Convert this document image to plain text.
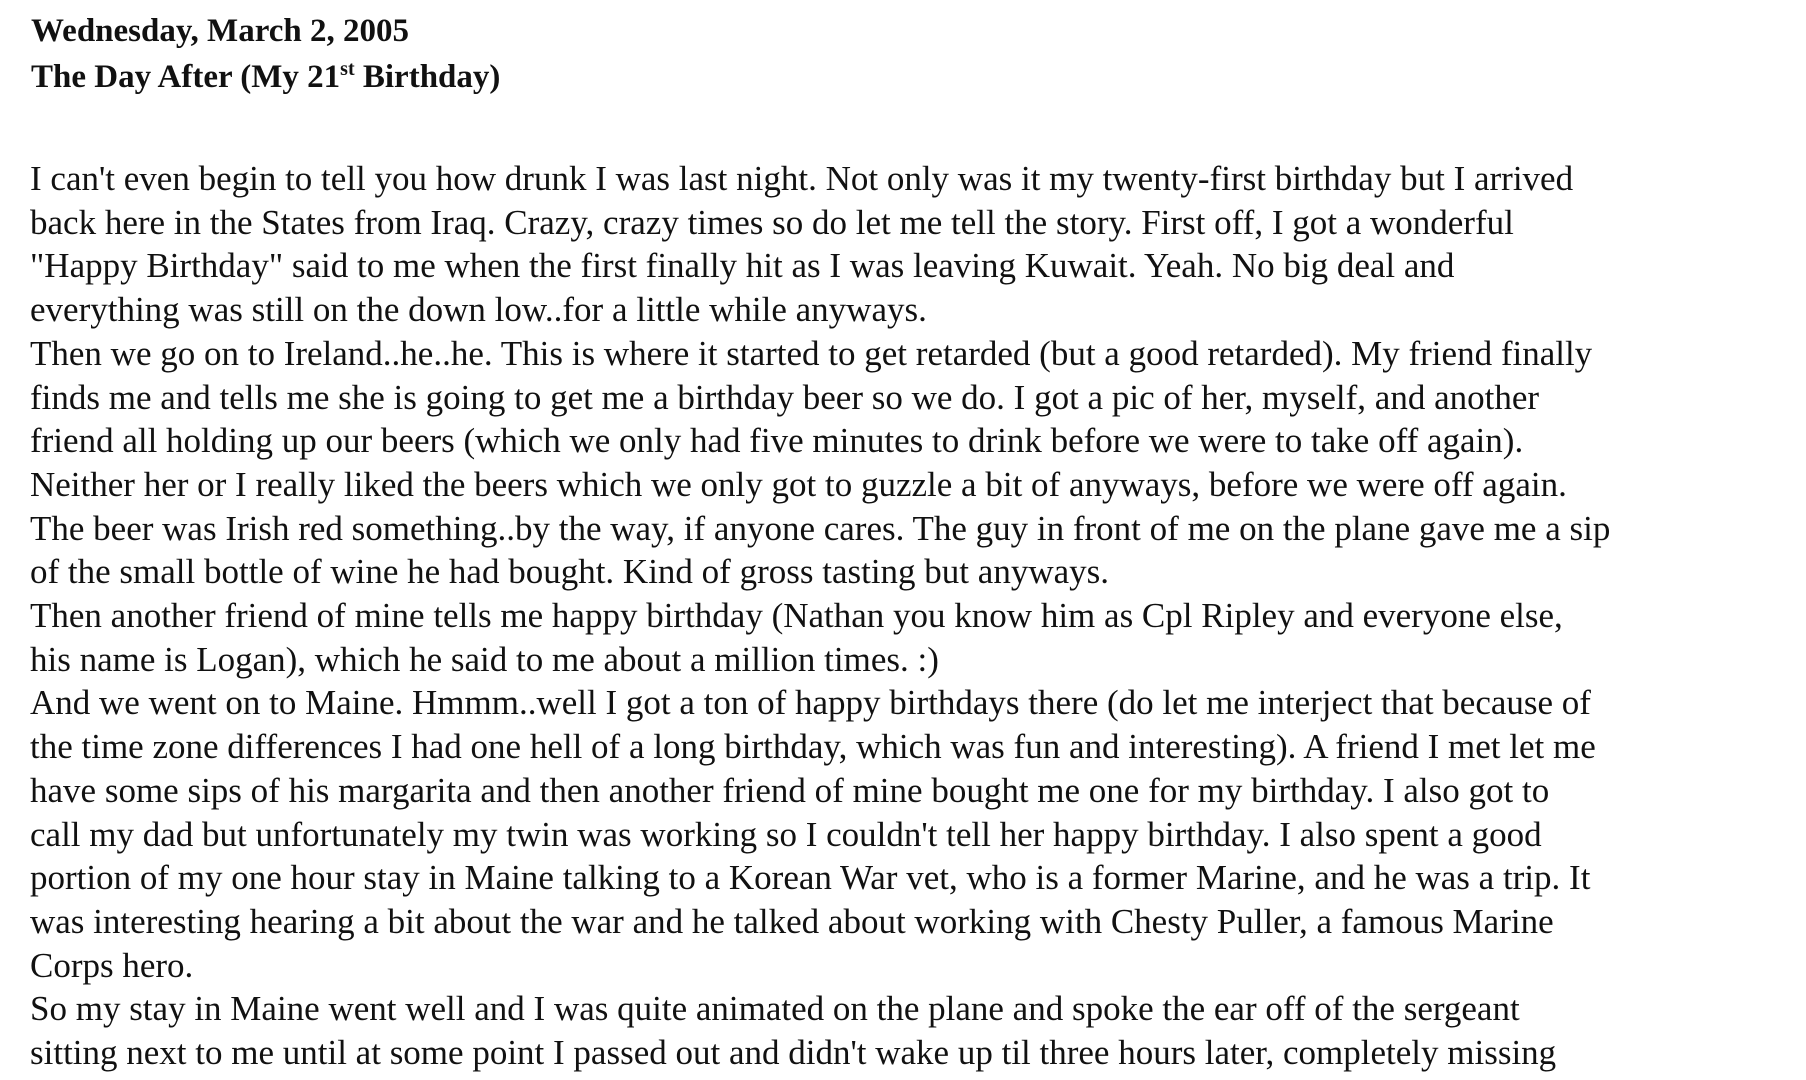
Wednesday, March 2, 2005
The Day After (My 21st Birthday)
I can't even begin to tell you how drunk I was last night. Not only was it my twenty-first birthday but I arrived
back here in the States from Iraq. Crazy, crazy times so do let me tell the story. First off, I got a wonderful
"Happy Birthday" said to me when the first finally hit as I was leaving Kuwait. Yeah. No big deal and
everything was still on the down low..for a little while anyways.
Then we go on to Ireland..he..he. This is where it started to get retarded (but a good retarded). My friend finally
finds me and tells me she is going to get me a birthday beer so we do. I got a pic of her, myself, and another
friend all holding up our beers (which we only had five minutes to drink before we were to take off again).
Neither her or I really liked the beers which we only got to guzzle a bit of anyways, before we were off again.
The beer was Irish red something..by the way, if anyone cares. The guy in front of me on the plane gave me a sip
of the small bottle of wine he had bought. Kind of gross tasting but anyways.
Then another friend of mine tells me happy birthday (Nathan you know him as Cpl Ripley and everyone else,
his name is Logan), which he said to me about a million times. :)
And we went on to Maine. Hmmm..well I got a ton of happy birthdays there (do let me interject that because of
the time zone differences I had one hell of a long birthday, which was fun and interesting). A friend I met let me
have some sips of his margarita and then another friend of mine bought me one for my birthday. I also got to
call my dad but unfortunately my twin was working so I couldn't tell her happy birthday. I also spent a good
portion of my one hour stay in Maine talking to a Korean War vet, who is a former Marine, and he was a trip. It
was interesting hearing a bit about the war and he talked about working with Chesty Puller, a famous Marine
Corps hero.
So my stay in Maine went well and I was quite animated on the plane and spoke the ear off of the sergeant
sitting next to me until at some point I passed out and didn't wake up til three hours later, completely missing
